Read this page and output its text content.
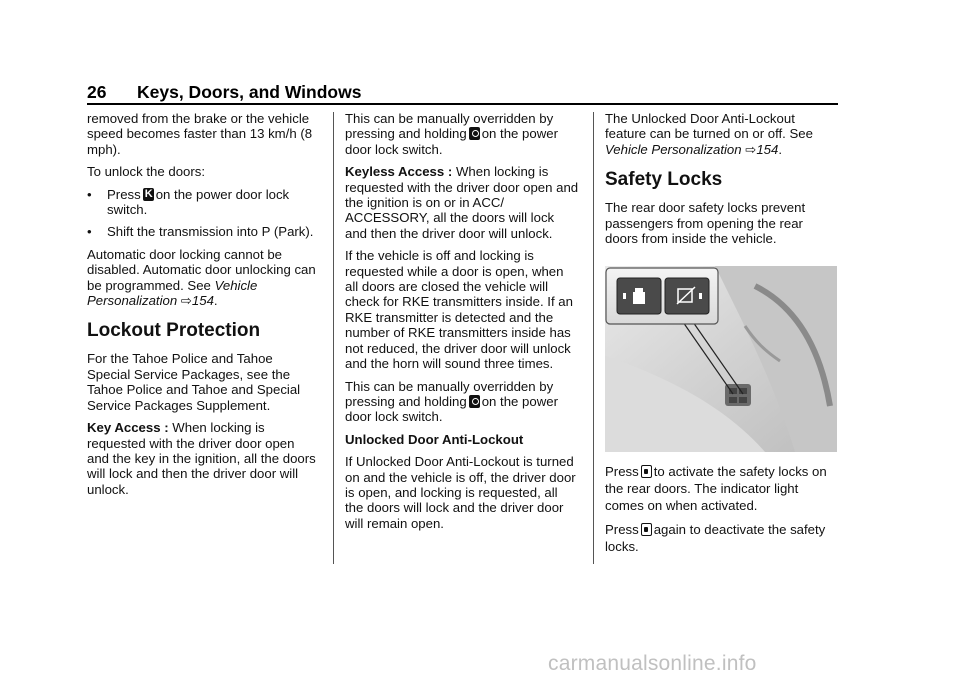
26 Keys, Doors, and Windows

removed from the brake or the vehicle speed becomes faster than 13 km/h (8 mph).

To unlock the doors:

• PressK on the power door lock switch.
• Shift the transmission into P (Park).

Automatic door locking cannot be disabled. Automatic door unlocking can be programmed. See Vehicle Personalization ⇨154.

Lockout Protection

For the Tahoe Police and Tahoe Special Service Packages, see the Tahoe Police and Tahoe and Special Service Packages Supplement.

Key Access : When locking is requested with the driver door open and the key in the ignition, all the doors will lock and then the driver door will unlock.

This can be manually overridden by pressing and holding on the power door lock switch.

Keyless Access : When locking is requested with the driver door open and the ignition is on or in ACC/ ACCESSORY, all the doors will lock and then the driver door will unlock.

If the vehicle is off and locking is requested while a door is open, when all doors are closed the vehicle will check for RKE transmitters inside. If an RKE transmitter is detected and the number of RKE transmitters inside has not reduced, the driver door will unlock and the horn will sound three times.

This can be manually overridden by pressing and holding on the power door lock switch.

Unlocked Door Anti-Lockout

If Unlocked Door Anti-Lockout is turned on and the vehicle is off, the driver door is open, and locking is requested, all the doors will lock and the driver door will remain open.

The Unlocked Door Anti-Lockout feature can be turned on or off. See Vehicle Personalization ⇨154.

Safety Locks

The rear door safety locks prevent passengers from opening the rear doors from inside the vehicle.

Press to activate the safety locks on the rear doors. The indicator light comes on when activated.

Press again to deactivate the safety locks.

carmanualsonline.info
